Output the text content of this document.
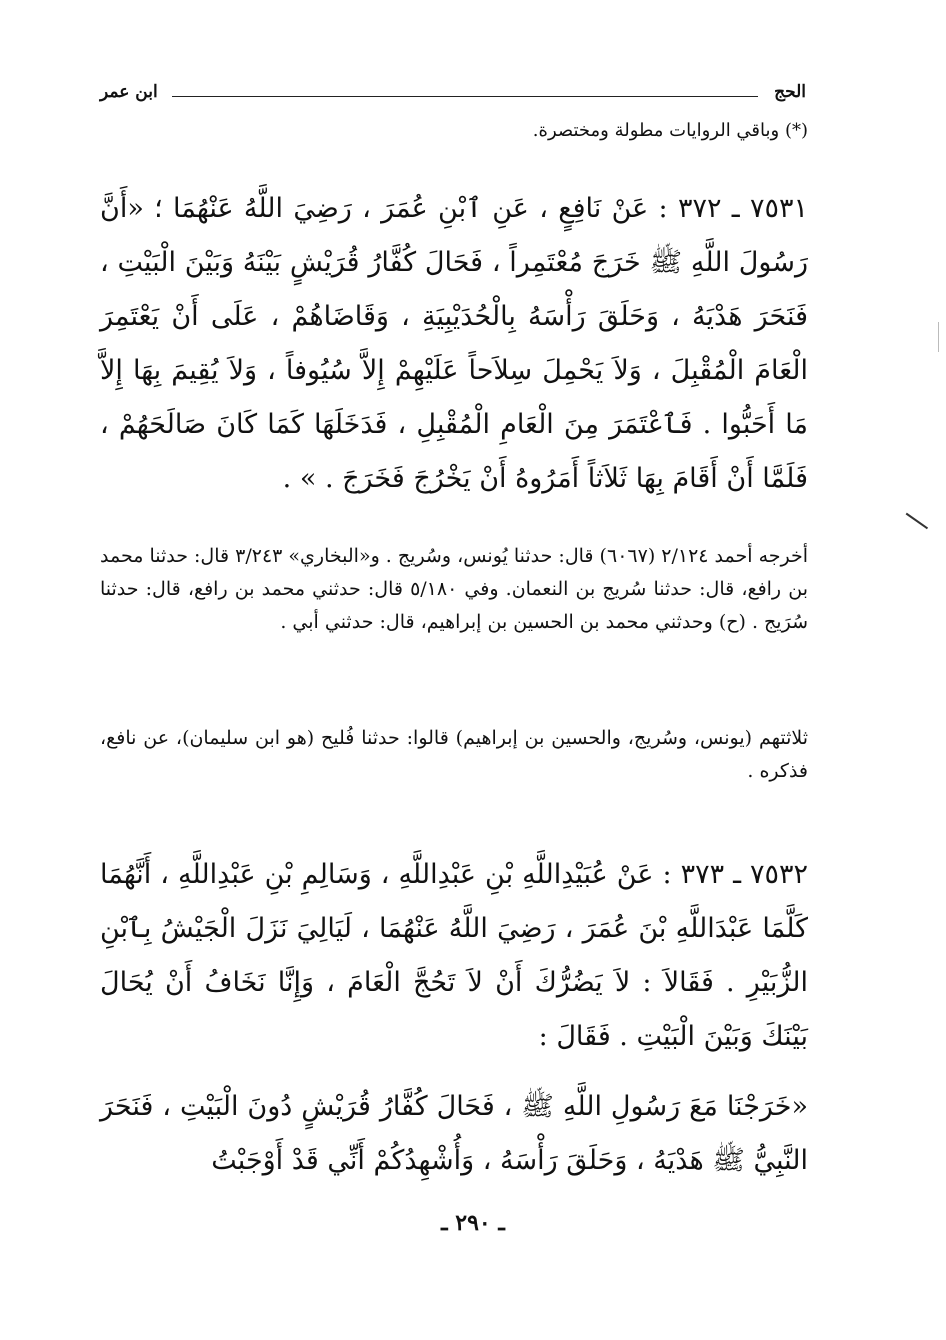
الحج
ابن عمر
(*) وباقي الروايات مطولة ومختصرة.
٧٥٣١ ـ ٣٧٢ : عَنْ نَافِعٍ ، عَنِ ٱبْنِ عُمَرَ ، رَضِيَ اللَّهُ عَنْهُمَا ؛ «أَنَّ رَسُولَ اللَّهِ ﷺ خَرَجَ مُعْتَمِراً ، فَحَالَ كُفَّارُ قُرَيْشٍ بَيْنَهُ وَبَيْنَ الْبَيْتِ ، فَنَحَرَ هَدْيَهُ ، وَحَلَقَ رَأْسَهُ بِالْحُدَيْبِيَةِ ، وَقَاضَاهُمْ ، عَلَى أَنْ يَعْتَمِرَ الْعَامَ الْمُقْبِلَ ، وَلاَ يَحْمِلَ سِلاَحاً عَلَيْهِمْ إِلاَّ سُيُوفاً ، وَلاَ يُقِيمَ بِهَا إِلاَّ مَا أَحَبُّوا . فَٱعْتَمَرَ مِنَ الْعَامِ الْمُقْبِلِ ، فَدَخَلَهَا كَمَا كَانَ صَالَحَهُمْ ، فَلَمَّا أَنْ أَقَامَ بِهَا ثَلاَثاً أَمَرُوهُ أَنْ يَخْرُجَ فَخَرَجَ . » .
أخرجه أحمد ٢/١٢٤ (٦٠٦٧) قال: حدثنا يُونس، وسُريج . و«البخاري» ٣/٢٤٣ قال: حدثنا محمد بن رافع، قال: حدثنا سُريج بن النعمان. وفي ٥/١٨٠ قال: حدثني محمد بن رافع، قال: حدثنا سُرَيج . (ح) وحدثني محمد بن الحسين بن إبراهيم، قال: حدثني أبي .
ثلاثتهم (يونس، وسُريج، والحسين بن إبراهيم) قالوا: حدثنا فُليح (هو ابن سليمان)، عن نافع، فذكره .
٧٥٣٢ ـ ٣٧٣ : عَنْ عُبَيْدِاللَّهِ بْنِ عَبْدِاللَّهِ ، وَسَالِمِ بْنِ عَبْدِاللَّهِ ، أَنَّهُمَا كَلَّمَا عَبْدَاللَّهِ بْنَ عُمَرَ ، رَضِيَ اللَّهُ عَنْهُمَا ، لَيَالِيَ نَزَلَ الْجَيْشُ بِٱبْنِ الزُّبَيْرِ . فَقَالاَ : لاَ يَضُرُّكَ أَنْ لاَ تَحُجَّ الْعَامَ ، وَإِنَّا نَخَافُ أَنْ يُحَالَ بَيْنَكَ وَبَيْنَ الْبَيْتِ . فَقَالَ :
«خَرَجْنَا مَعَ رَسُولِ اللَّهِ ﷺ ، فَحَالَ كُفَّارُ قُرَيْشٍ دُونَ الْبَيْتِ ، فَنَحَرَ النَّبِيُّ ﷺ هَدْيَهُ ، وَحَلَقَ رَأْسَهُ ، وَأُشْهِدُكُمْ أَنِّي قَدْ أَوْجَبْتُ
ـ ٢٩٠ ـ
